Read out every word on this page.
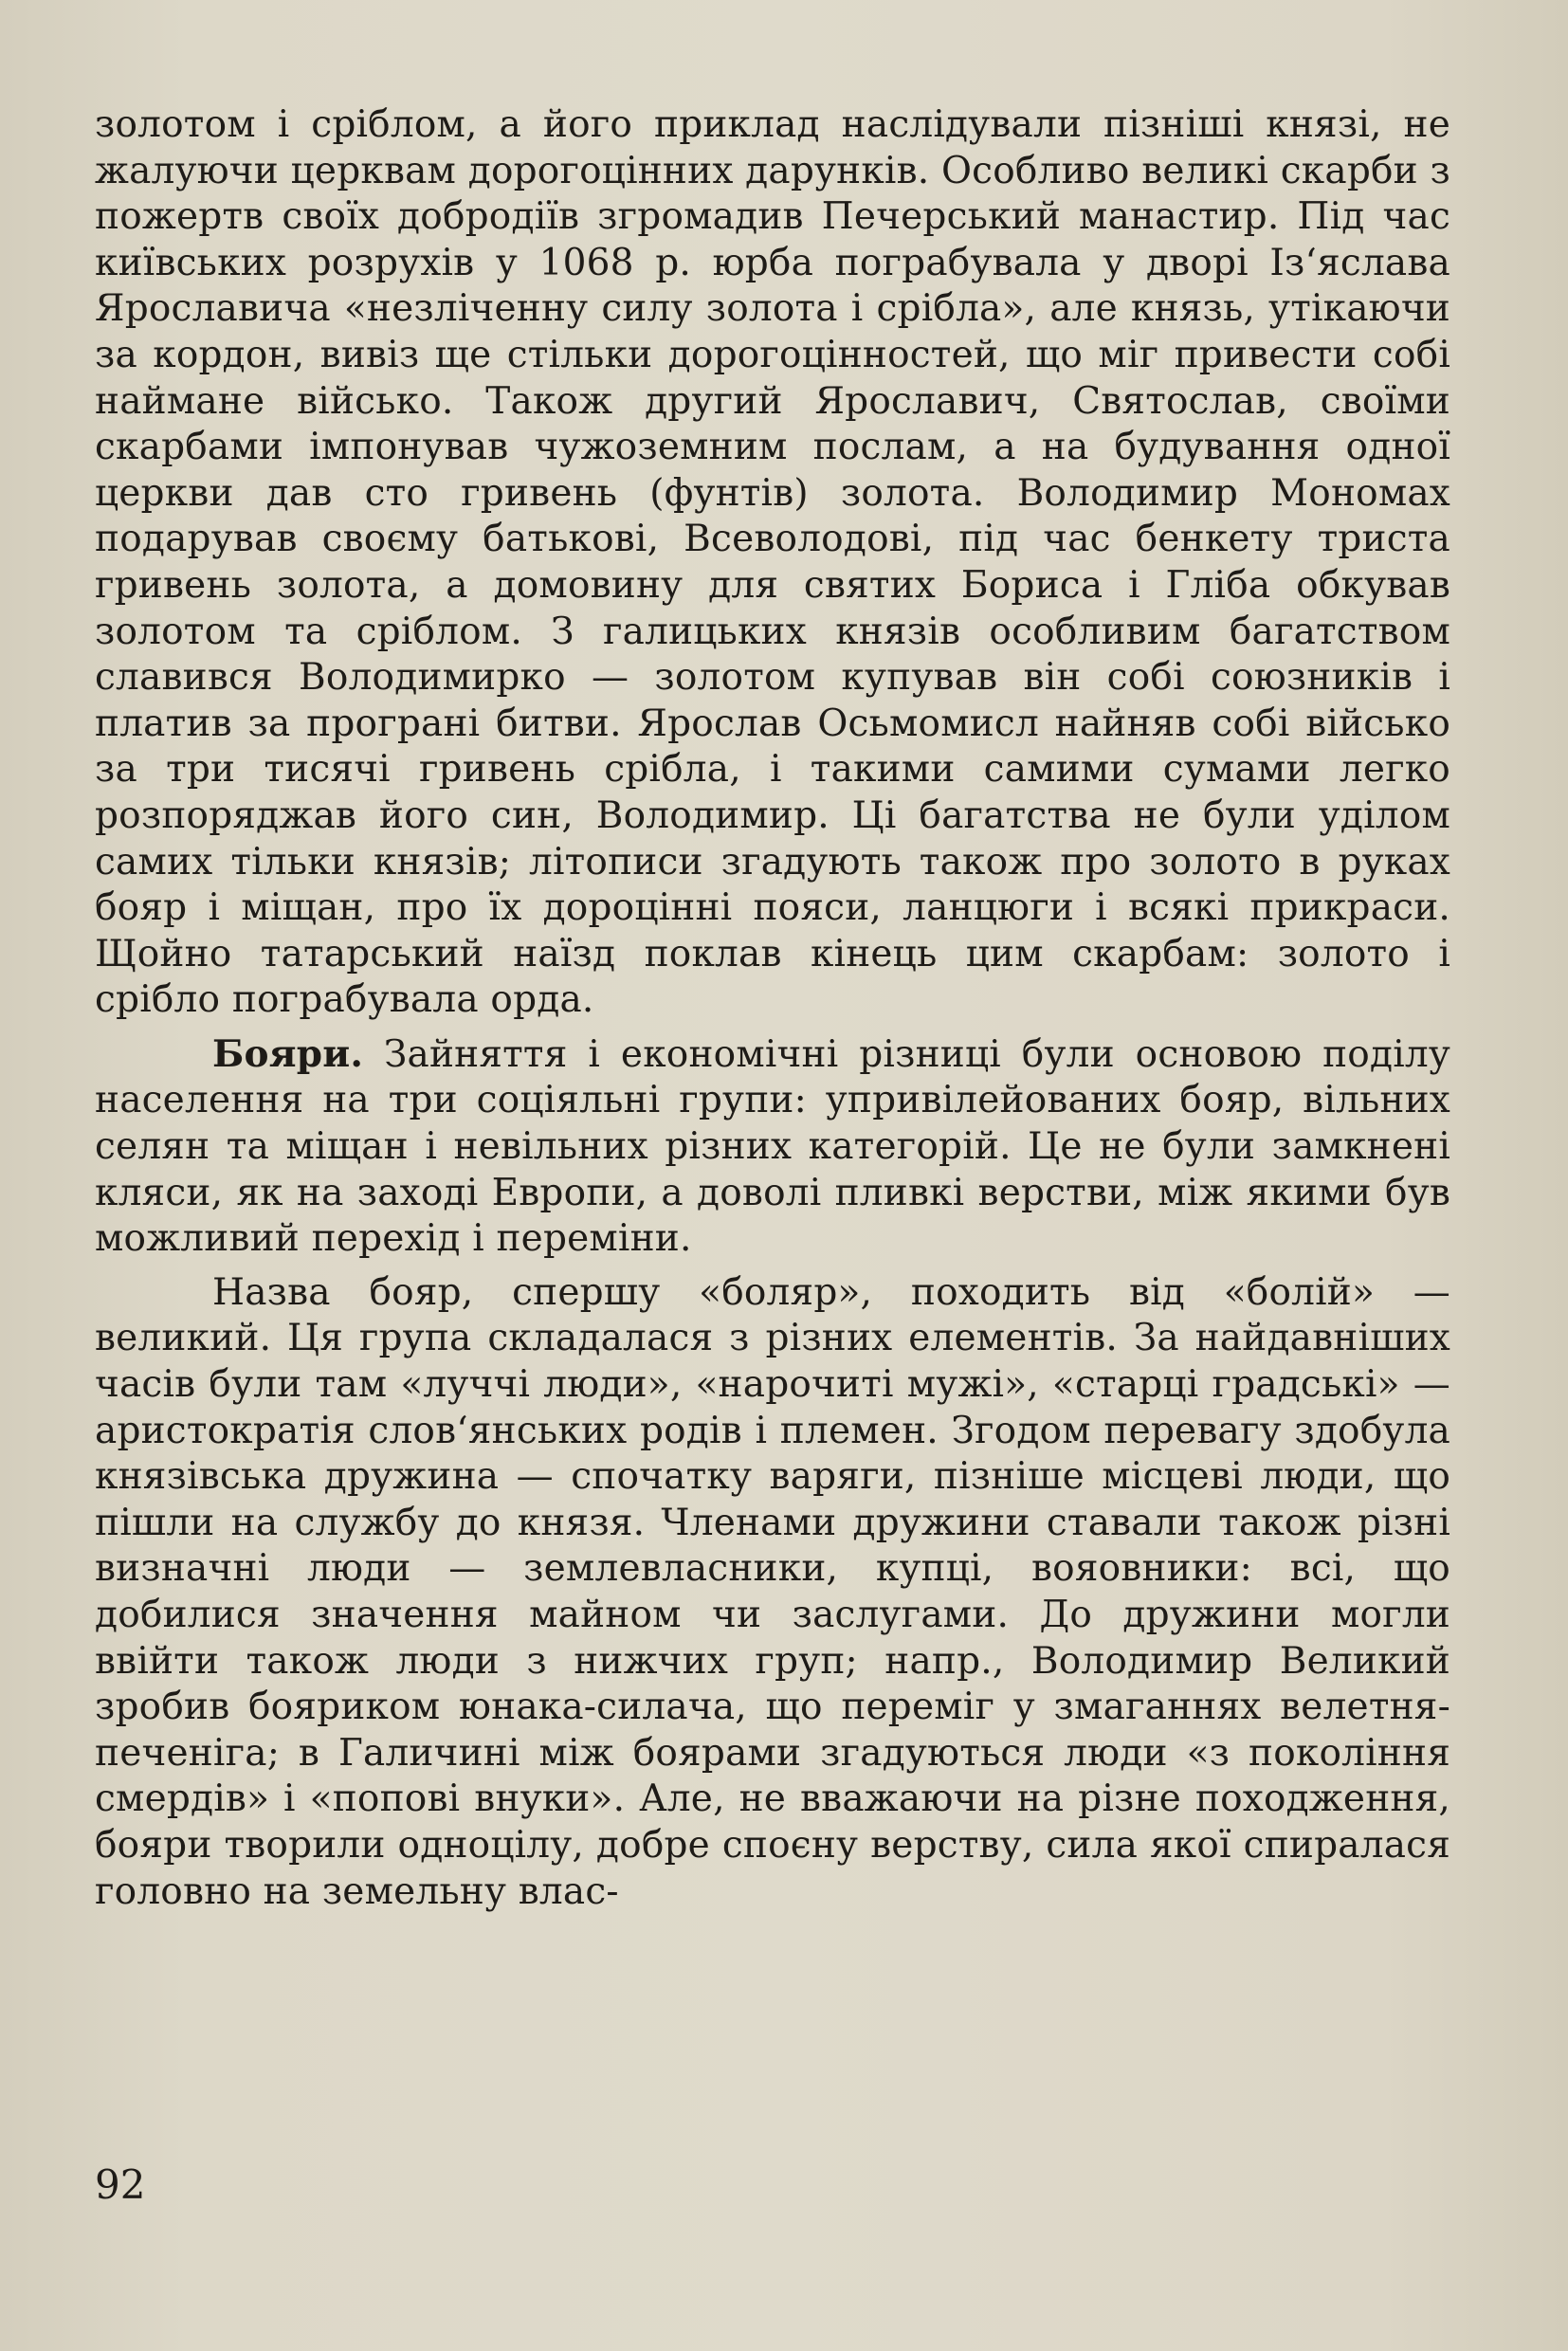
золотом і сріблом, а його приклад наслідували пізніші князі, не жалуючи церквам дорогоцінних дарунків. Особливо великі скарби з пожертв своїх добродіїв згромадив Печерський манастир. Під час київських розрухів у 1068 р. юрба пограбувала у дворі Із‘яслава Ярославича «незліченну силу золота і срібла», але князь, утікаючи за кордон, вивіз ще стільки дорогоцінностей, що міг привести собі наймане військо. Також другий Ярославич, Святослав, своїми скарбами імпонував чужоземним послам, а на будування одної церкви дав сто гривень (фунтів) золота. Володимир Мономах подарував своєму батькові, Всеволодові, під час бенкету триста гривень золота, а домовину для святих Бориса і Гліба обкував золотом та сріблом. З галицьких князів особливим багатством славився Володимирко — золотом купував він собі союзників і платив за програні битви. Ярослав Осьмомисл найняв собі військо за три тисячі гривень срібла, і такими самими сумами легко розпоряджав його син, Володимир. Ці багатства не були уділом самих тільки князів; літописи згадують також про золото в руках бояр і міщан, про їх дороцінні пояси, ланцюги і всякі прикраси. Щойно татарський наїзд поклав кінець цим скарбам: золото і срібло пограбувала орда.

Бояри. Зайняття і економічні різниці були основою поділу населення на три соціяльні групи: упривілейованих бояр, вільних селян та міщан і невільних різних категорій. Це не були замкнені кляси, як на заході Европи, а доволі пливкі верстви, між якими був можливий перехід і переміни.

Назва бояр, спершу «боляр», походить від «болій» — великий. Ця група складалася з різних елементів. За найдавніших часів були там «луччі люди», «нарочиті мужі», «старці градські» — аристократія слов‘янських родів і племен. Згодом перевагу здобула князівська дружина — спочатку варяги, пізніше місцеві люди, що пішли на службу до князя. Членами дружини ставали також різні визначні люди — землевласники, купці, вояовники: всі, що добилися значення майном чи заслугами. До дружини могли ввійти також люди з нижчих груп; напр., Володимир Великий зробив бояриком юнака-силача, що переміг у змаганнях велетня-печеніга; в Галичині між боярами згадуються люди «з покоління смердів» і «попові внуки». Але, не вважаючи на різне походження, бояри творили одноцілу, добре споєну верству, сила якої спиралася головно на земельну влас-

92
